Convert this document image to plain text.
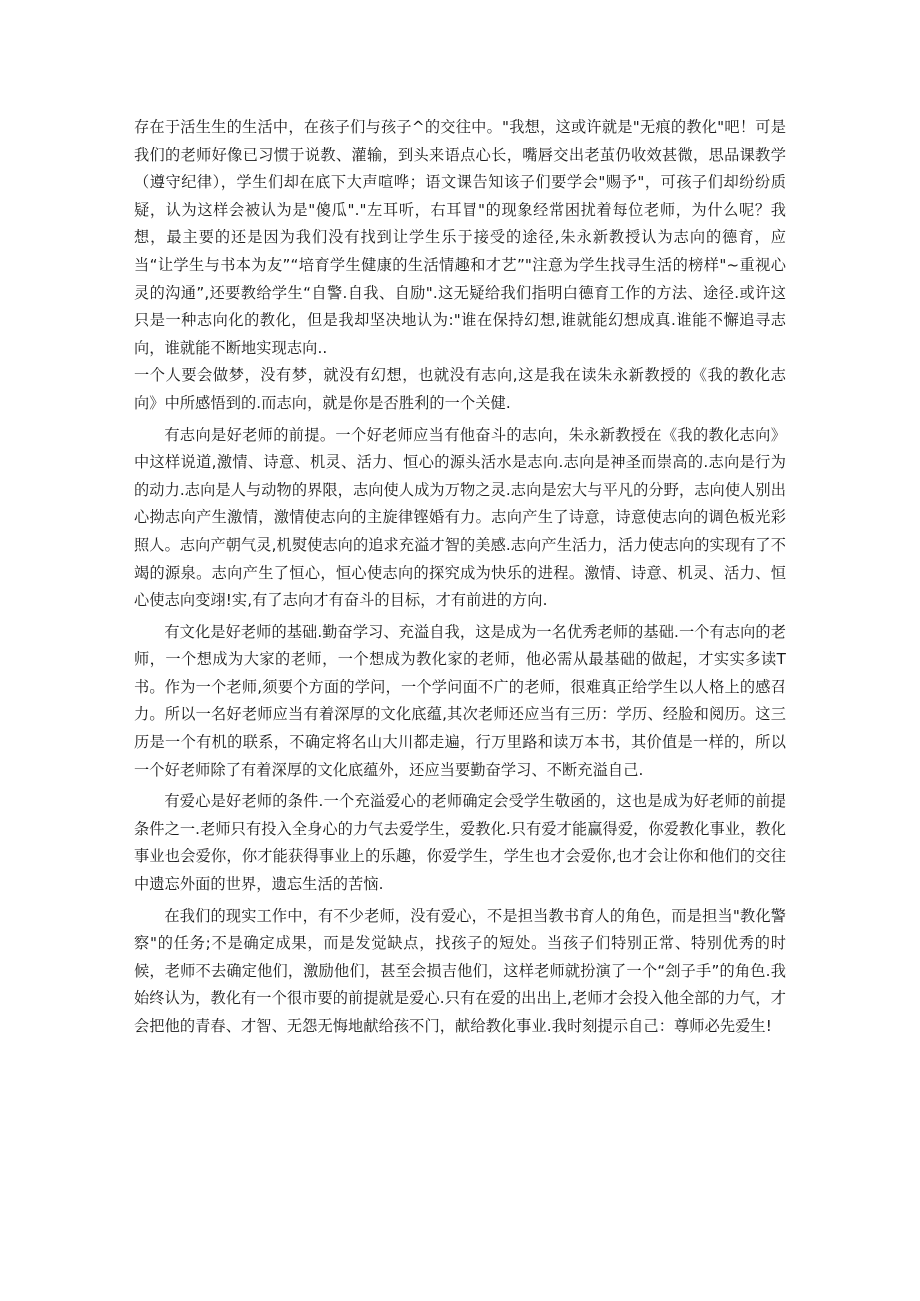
存在于活生生的生活中，在孩子们与孩子^的交往中。"我想，这或许就是"无痕的教化"吧！可是我们的老师好像已习惯于说教、灌输，到头来语点心长，嘴唇交出老茧仍收效甚微，思品课教学（遵守纪律），学生们却在底下大声喧哗；语文课告知该子们要学会"赐予"，可孩子们却纷纷质疑，认为这样会被认为是"傻瓜"."左耳听，右耳冒"的现象经常困扰着每位老师，为什么呢？我想，最主要的还是因为我们没有找到让学生乐于接受的途径,朱永新教授认为志向的德育，应当“让学生与书本为友”“培育学生健康的生活情趣和才艺”"注意为学生找寻生活的榜样"~重视心灵的沟通”,还要教给学生“自警.自我、自励".这无疑给我们指明白德育工作的方法、途径.或许这只是一种志向化的教化，但是我却坚决地认为:"谁在保持幻想,谁就能幻想成真.谁能不懈追寻志向，谁就能不断地实现志向..

一个人要会做梦，没有梦，就没有幻想，也就没有志向,这是我在读朱永新教授的《我的教化志向》中所感悟到的.而志向，就是你是否胜利的一个关健.

有志向是好老师的前提。一个好老师应当有他奋斗的志向，朱永新教授在《我的教化志向》中这样说道,激情、诗意、机灵、活力、恒心的源头活水是志向.志向是神圣而崇高的.志向是行为的动力.志向是人与动物的界限，志向使人成为万物之灵.志向是宏大与平凡的分野，志向使人别出心拗志向产生激情，激情使志向的主旋律铿婚有力。志向产生了诗意，诗意使志向的调色板光彩照人。志向产朝气灵,机熨使志向的追求充溢才智的美感.志向产生活力，活力使志向的实现有了不竭的源泉。志向产生了恒心，恒心使志向的探究成为快乐的进程。激情、诗意、机灵、活力、恒心使志向变翊!实,有了志向才有奋斗的目标，才有前进的方向.

有文化是好老师的基础.勤奋学习、充溢自我，这是成为一名优秀老师的基础.一个有志向的老师，一个想成为大家的老师，一个想成为教化家的老师，他必需从最基础的做起，才实实多读T书。作为一个老师,须要个方面的学问，一个学问面不广的老师，很难真正给学生以人格上的感召力。所以一名好老师应当有着深厚的文化底蕴,其次老师还应当有三历：学历、经脸和阅历。这三历是一个有机的联系，不确定将名山大川都走遍，行万里路和读万本书，其价值是一样的，所以一个好老师除了有着深厚的文化底蕴外，还应当要勤奋学习、不断充溢自己.

有爱心是好老师的条件.一个充溢爱心的老师确定会受学生敬函的，这也是成为好老师的前提条件之一.老师只有投入全身心的力气去爱学生，爱教化.只有爱才能赢得爱，你爱教化事业，教化事业也会爱你，你才能获得事业上的乐趣，你爱学生，学生也才会爱你,也才会让你和他们的交往中遗忘外面的世界，遗忘生活的苦恼.

在我们的现实工作中，有不少老师，没有爱心，不是担当教书育人的角色，而是担当"教化警察"的任务;不是确定成果，而是发觉缺点，找孩子的短处。当孩子们特别正常、特别优秀的时候，老师不去确定他们，激励他们，甚至会损吉他们，这样老师就扮演了一个“刽子手”的角色.我始终认为，教化有一个很市要的前提就是爱心.只有在爱的出出上,老师才会投入他全部的力气，才会把他的青春、才智、无怨无悔地献给孩不门，献给教化事业.我时刻提示自己：尊师必先爱生!
